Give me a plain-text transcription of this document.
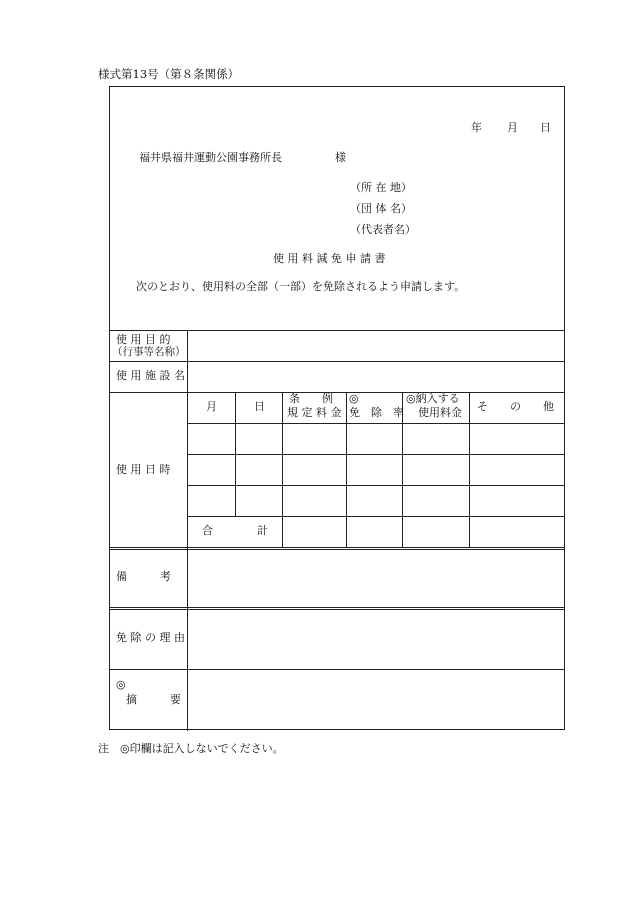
様式第13号（第８条関係）
年 月 日
福井県福井運動公園事務所長	様
（所 在 地）
（団 体 名）
（代表者名）
使 用 料 減 免 申 請 書
次のとおり、使用料の全部（一部）を免除されるよう申請します。
使 用 目 的
（行事等名称）
使 用 施 設 名
使 用 日 時
備　　　考
免 除 の 理 由
◎
摘　　　要
月	日
条　　例
規 定 料 金
◎
免　除　率
◎納入する
使用料金 そ　　の　　他
合　　　　計
注　◎印欄は記入しないでください。
